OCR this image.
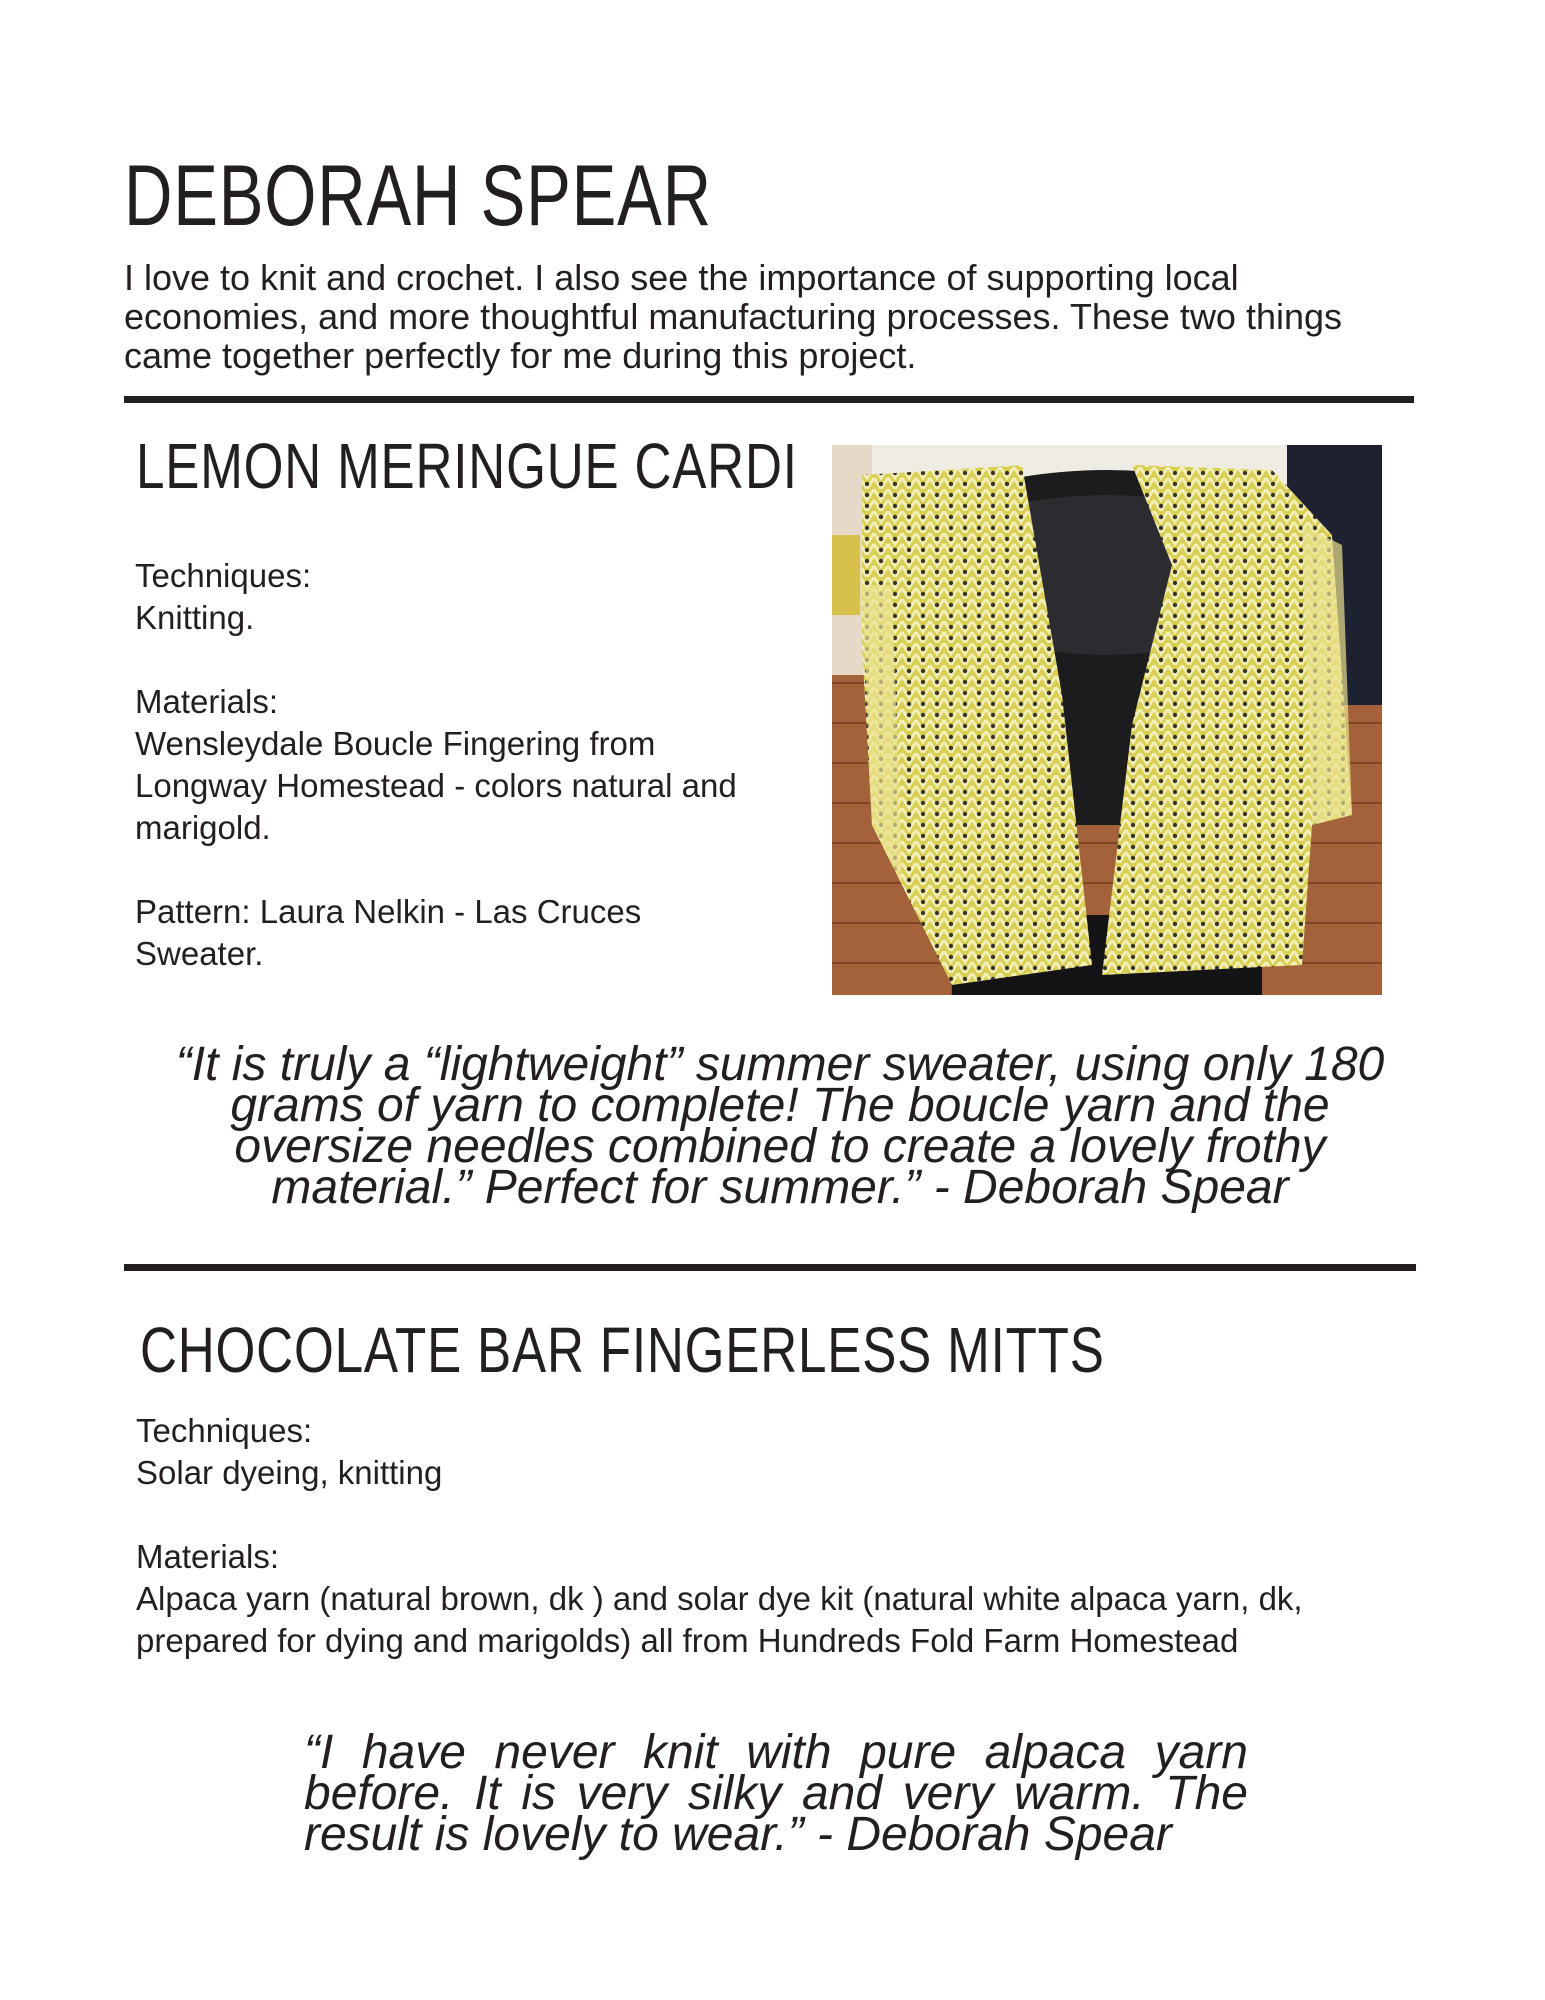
DEBORAH SPEAR

I love to knit and crochet. I also see the importance of supporting local economies, and more thoughtful manufacturing processes. These two things came together perfectly for me during this project.

LEMON MERINGUE CARDI
Techniques:
Knitting.
Materials:
Wensleydale Boucle Fingering from Longway Homestead - colors natural and marigold.
Pattern: Laura Nelkin - Las Cruces Sweater.

“It is truly a “lightweight” summer sweater, using only 180 grams of yarn to complete! The boucle yarn and the oversize needles combined to create a lovely frothy material.” Perfect for summer.” - Deborah Spear

CHOCOLATE BAR FINGERLESS MITTS
Techniques:
Solar dyeing, knitting
Materials:
Alpaca yarn (natural brown, dk ) and solar dye kit (natural white alpaca yarn, dk, prepared for dying and marigolds) all from Hundreds Fold Farm Homestead

“I have never knit with pure alpaca yarn before. It is very silky and very warm. The result is lovely to wear.” - Deborah Spear
